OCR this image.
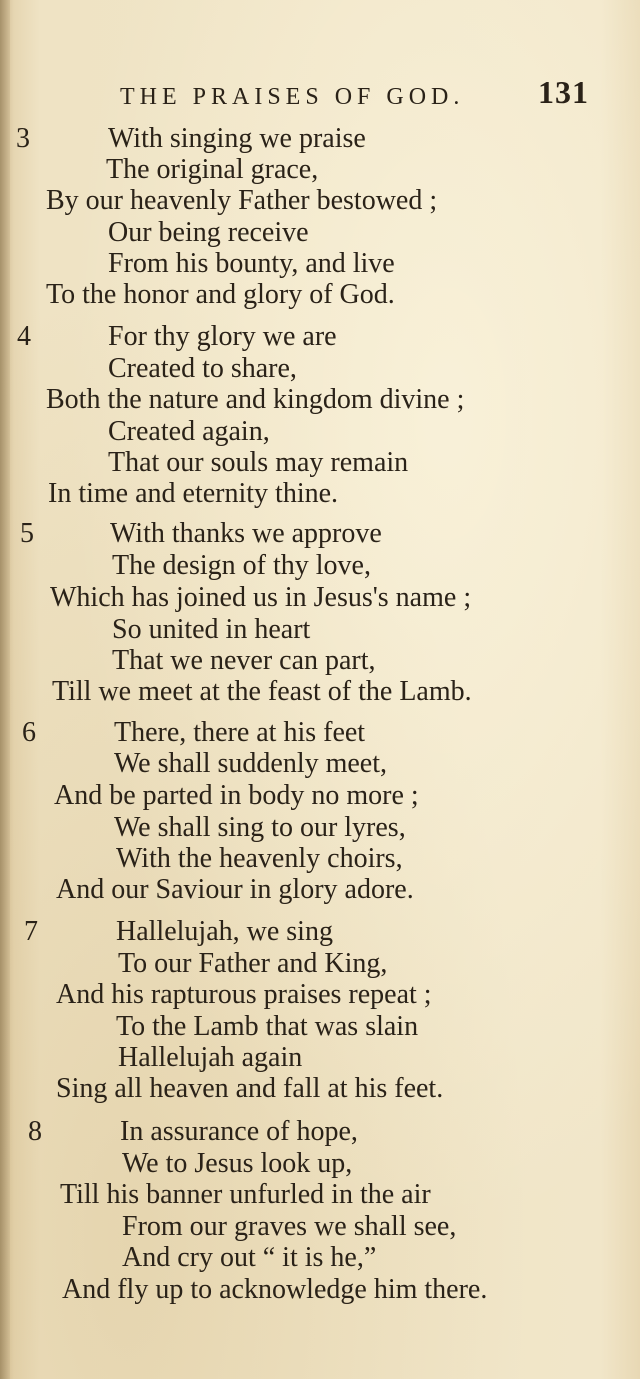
THE PRAISES OF GOD. 131
3	With singing we praise
The original grace,
By our heavenly Father bestowed ;
Our being receive
From his bounty, and live
To the honor and glory of God.
4	For thy glory we are
Created to share,
Both the nature and kingdom divine ;
Created again,
That our souls may remain
In time and eternity thine.
5	With thanks we approve
The design of thy love,
Which has joined us in Jesus's name ;
So united in heart
That we never can part,
Till we meet at the feast of the Lamb.
6	There, there at his feet
We shall suddenly meet,
And be parted in body no more ;
We shall sing to our lyres,
With the heavenly choirs,
And our Saviour in glory adore.
7	Hallelujah, we sing
To our Father and King,
And his rapturous praises repeat ;
To the Lamb that was slain
Hallelujah again
Sing all heaven and fall at his feet.
8	In assurance of hope,
We to Jesus look up,
Till his banner unfurled in the air
From our graves we shall see,
And cry out “ it is he,”
And fly up to acknowledge him there.
